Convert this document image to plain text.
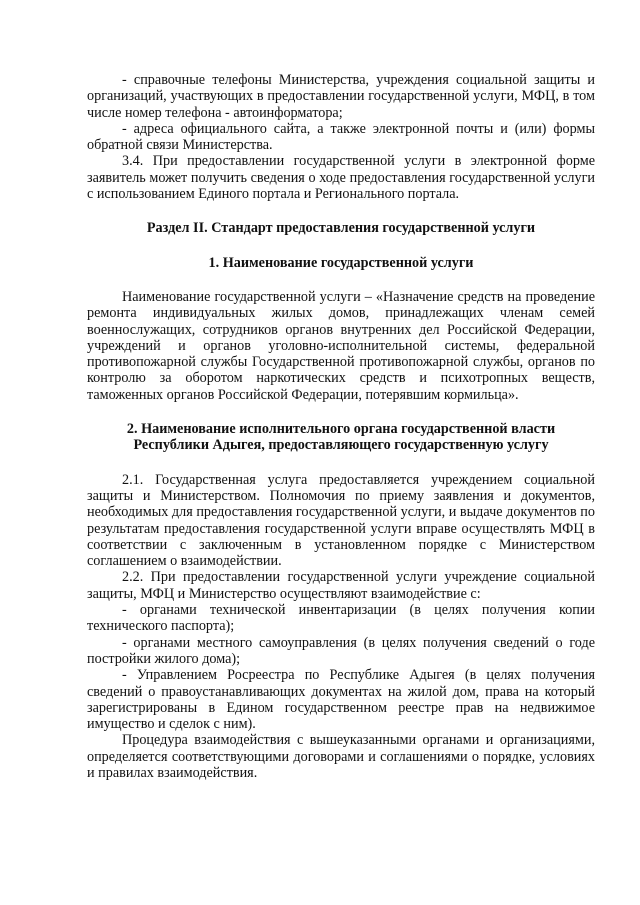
- справочные телефоны Министерства, учреждения социальной защиты и организаций, участвующих в предоставлении государственной услуги, МФЦ, в том числе номер телефона - автоинформатора;

- адреса официального сайта, а также электронной почты и (или) формы обратной связи Министерства.

3.4. При предоставлении государственной услуги в электронной форме заявитель может получить сведения о ходе предоставления государственной услуги с использованием Единого портала и Регионального портала.

Раздел II. Стандарт предоставления государственной услуги

1. Наименование государственной услуги

Наименование государственной услуги – «Назначение средств на проведение ремонта индивидуальных жилых домов, принадлежащих членам семей военнослужащих, сотрудников органов внутренних дел Российской Федерации, учреждений и органов уголовно-исполнительной системы, федеральной противопожарной службы Государственной противопожарной службы, органов по контролю за оборотом наркотических средств и психотропных веществ, таможенных органов Российской Федерации, потерявшим кормильца».

2. Наименование исполнительного органа государственной власти

Республики Адыгея, предоставляющего государственную услугу

2.1. Государственная услуга предоставляется учреждением социальной защиты и Министерством. Полномочия по приему заявления и документов, необходимых для предоставления государственной услуги, и выдаче документов по результатам предоставления государственной услуги вправе осуществлять МФЦ в соответствии с заключенным в установленном порядке с Министерством соглашением о взаимодействии.

2.2. При предоставлении государственной услуги учреждение социальной защиты, МФЦ и Министерство осуществляют взаимодействие с:

- органами технической инвентаризации (в целях получения копии технического паспорта);

- органами местного самоуправления (в целях получения сведений о годе постройки жилого дома);

- Управлением Росреестра по Республике Адыгея (в целях получения сведений о правоустанавливающих документах на жилой дом, права на который зарегистрированы в Едином государственном реестре прав на недвижимое имущество и сделок с ним).

Процедура взаимодействия с вышеуказанными органами и организациями, определяется соответствующими договорами и соглашениями о порядке, условиях и правилах взаимодействия.
